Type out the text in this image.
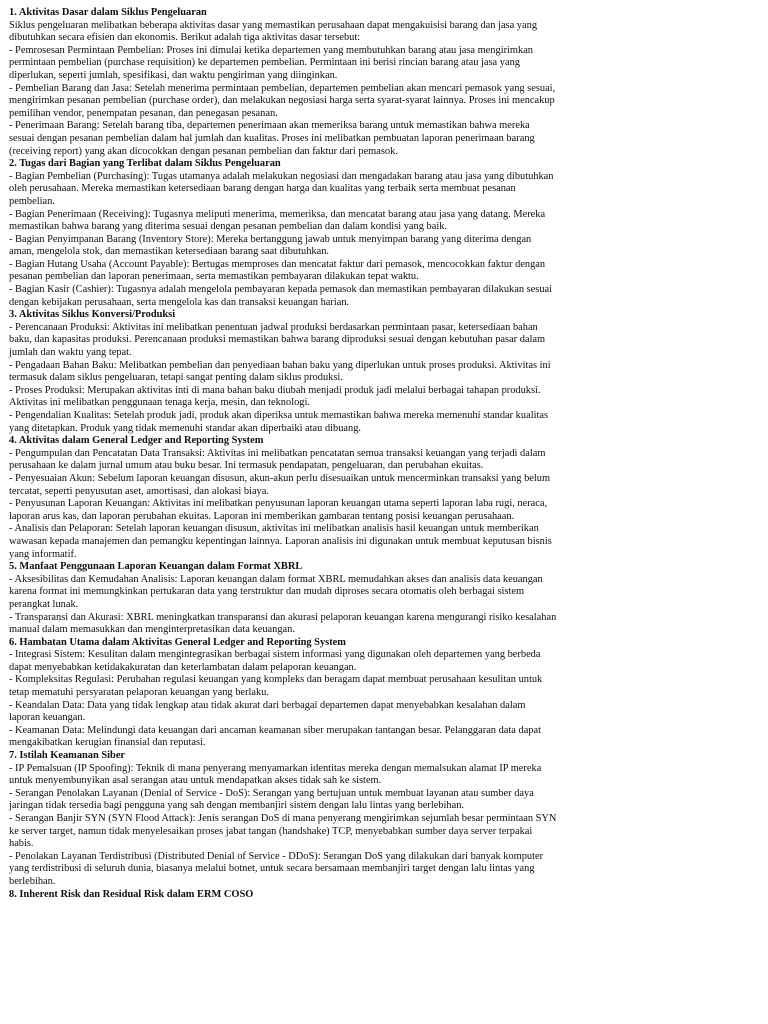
1. Aktivitas Dasar dalam Siklus Pengeluaran
Siklus pengeluaran melibatkan beberapa aktivitas dasar yang memastikan perusahaan dapat mengakuisisi barang dan jasa yang dibutuhkan secara efisien dan ekonomis. Berikut adalah tiga aktivitas dasar tersebut:
- Pemrosesan Permintaan Pembelian: Proses ini dimulai ketika departemen yang membutuhkan barang atau jasa mengirimkan permintaan pembelian (purchase requisition) ke departemen pembelian. Permintaan ini berisi rincian barang atau jasa yang diperlukan, seperti jumlah, spesifikasi, dan waktu pengiriman yang diinginkan.
- Pembelian Barang dan Jasa: Setelah menerima permintaan pembelian, departemen pembelian akan mencari pemasok yang sesuai, mengirimkan pesanan pembelian (purchase order), dan melakukan negosiasi harga serta syarat-syarat lainnya. Proses ini mencakup pemilihan vendor, penempatan pesanan, dan penegasan pesanan.
- Penerimaan Barang: Setelah barang tiba, departemen penerimaan akan memeriksa barang untuk memastikan bahwa mereka sesuai dengan pesanan pembelian dalam hal jumlah dan kualitas. Proses ini melibatkan pembuatan laporan penerimaan barang (receiving report) yang akan dicocokkan dengan pesanan pembelian dan faktur dari pemasok.
2. Tugas dari Bagian yang Terlibat dalam Siklus Pengeluaran
- Bagian Pembelian (Purchasing): Tugas utamanya adalah melakukan negosiasi dan mengadakan barang atau jasa yang dibutuhkan oleh perusahaan. Mereka memastikan ketersediaan barang dengan harga dan kualitas yang terbaik serta membuat pesanan pembelian.
- Bagian Penerimaan (Receiving): Tugasnya meliputi menerima, memeriksa, dan mencatat barang atau jasa yang datang. Mereka memastikan bahwa barang yang diterima sesuai dengan pesanan pembelian dan dalam kondisi yang baik.
- Bagian Penyimpanan Barang (Inventory Store): Mereka bertanggung jawab untuk menyimpan barang yang diterima dengan aman, mengelola stok, dan memastikan ketersediaan barang saat dibutuhkan.
- Bagian Hutang Usaha (Account Payable): Bertugas memproses dan mencatat faktur dari pemasok, mencocokkan faktur dengan pesanan pembelian dan laporan penerimaan, serta memastikan pembayaran dilakukan tepat waktu.
- Bagian Kasir (Cashier): Tugasnya adalah mengelola pembayaran kepada pemasok dan memastikan pembayaran dilakukan sesuai dengan kebijakan perusahaan, serta mengelola kas dan transaksi keuangan harian.
3. Aktivitas Siklus Konversi/Produksi
- Perencanaan Produksi: Aktivitas ini melibatkan penentuan jadwal produksi berdasarkan permintaan pasar, ketersediaan bahan baku, dan kapasitas produksi. Perencanaan produksi memastikan bahwa barang diproduksi sesuai dengan kebutuhan pasar dalam jumlah dan waktu yang tepat.
- Pengadaan Bahan Baku: Melibatkan pembelian dan penyediaan bahan baku yang diperlukan untuk proses produksi. Aktivitas ini termasuk dalam siklus pengeluaran, tetapi sangat penting dalam siklus produksi.
- Proses Produksi: Merupakan aktivitas inti di mana bahan baku diubah menjadi produk jadi melalui berbagai tahapan produksi. Aktivitas ini melibatkan penggunaan tenaga kerja, mesin, dan teknologi.
- Pengendalian Kualitas: Setelah produk jadi, produk akan diperiksa untuk memastikan bahwa mereka memenuhi standar kualitas yang ditetapkan. Produk yang tidak memenuhi standar akan diperbaiki atau dibuang.
4. Aktivitas dalam General Ledger and Reporting System
- Pengumpulan dan Pencatatan Data Transaksi: Aktivitas ini melibatkan pencatatan semua transaksi keuangan yang terjadi dalam perusahaan ke dalam jurnal umum atau buku besar. Ini termasuk pendapatan, pengeluaran, dan perubahan ekuitas.
- Penyesuaian Akun: Sebelum laporan keuangan disusun, akun-akun perlu disesuaikan untuk mencerminkan transaksi yang belum tercatat, seperti penyusutan aset, amortisasi, dan alokasi biaya.
- Penyusunan Laporan Keuangan: Aktivitas ini melibatkan penyusunan laporan keuangan utama seperti laporan laba rugi, neraca, laporan arus kas, dan laporan perubahan ekuitas. Laporan ini memberikan gambaran tentang posisi keuangan perusahaan.
- Analisis dan Pelaporan: Setelah laporan keuangan disusun, aktivitas ini melibatkan analisis hasil keuangan untuk memberikan wawasan kepada manajemen dan pemangku kepentingan lainnya. Laporan analisis ini digunakan untuk membuat keputusan bisnis yang informatif.
5. Manfaat Penggunaan Laporan Keuangan dalam Format XBRL
- Aksesibilitas dan Kemudahan Analisis: Laporan keuangan dalam format XBRL memudahkan akses dan analisis data keuangan karena format ini memungkinkan pertukaran data yang terstruktur dan mudah diproses secara otomatis oleh berbagai sistem perangkat lunak.
- Transparansi dan Akurasi: XBRL meningkatkan transparansi dan akurasi pelaporan keuangan karena mengurangi risiko kesalahan manual dalam memasukkan dan menginterpretasikan data keuangan.
6. Hambatan Utama dalam Aktivitas General Ledger and Reporting System
- Integrasi Sistem: Kesulitan dalam mengintegrasikan berbagai sistem informasi yang digunakan oleh departemen yang berbeda dapat menyebabkan ketidakakuratan dan keterlambatan dalam pelaporan keuangan.
- Kompleksitas Regulasi: Perubahan regulasi keuangan yang kompleks dan beragam dapat membuat perusahaan kesulitan untuk tetap mematuhi persyaratan pelaporan keuangan yang berlaku.
- Keandalan Data: Data yang tidak lengkap atau tidak akurat dari berbagai departemen dapat menyebabkan kesalahan dalam laporan keuangan.
- Keamanan Data: Melindungi data keuangan dari ancaman keamanan siber merupakan tantangan besar. Pelanggaran data dapat mengakibatkan kerugian finansial dan reputasi.
7. Istilah Keamanan Siber
- IP Pemalsuan (IP Spoofing): Teknik di mana penyerang menyamarkan identitas mereka dengan memalsukan alamat IP mereka untuk menyembunyikan asal serangan atau untuk mendapatkan akses tidak sah ke sistem.
- Serangan Penolakan Layanan (Denial of Service - DoS): Serangan yang bertujuan untuk membuat layanan atau sumber daya jaringan tidak tersedia bagi pengguna yang sah dengan membanjiri sistem dengan lalu lintas yang berlebihan.
- Serangan Banjir SYN (SYN Flood Attack): Jenis serangan DoS di mana penyerang mengirimkan sejumlah besar permintaan SYN ke server target, namun tidak menyelesaikan proses jabat tangan (handshake) TCP, menyebabkan sumber daya server terpakai habis.
- Penolakan Layanan Terdistribusi (Distributed Denial of Service - DDoS): Serangan DoS yang dilakukan dari banyak komputer yang terdistribusi di seluruh dunia, biasanya melalui botnet, untuk secara bersamaan membanjiri target dengan lalu lintas yang berlebihan.
8. Inherent Risk dan Residual Risk dalam ERM COSO
